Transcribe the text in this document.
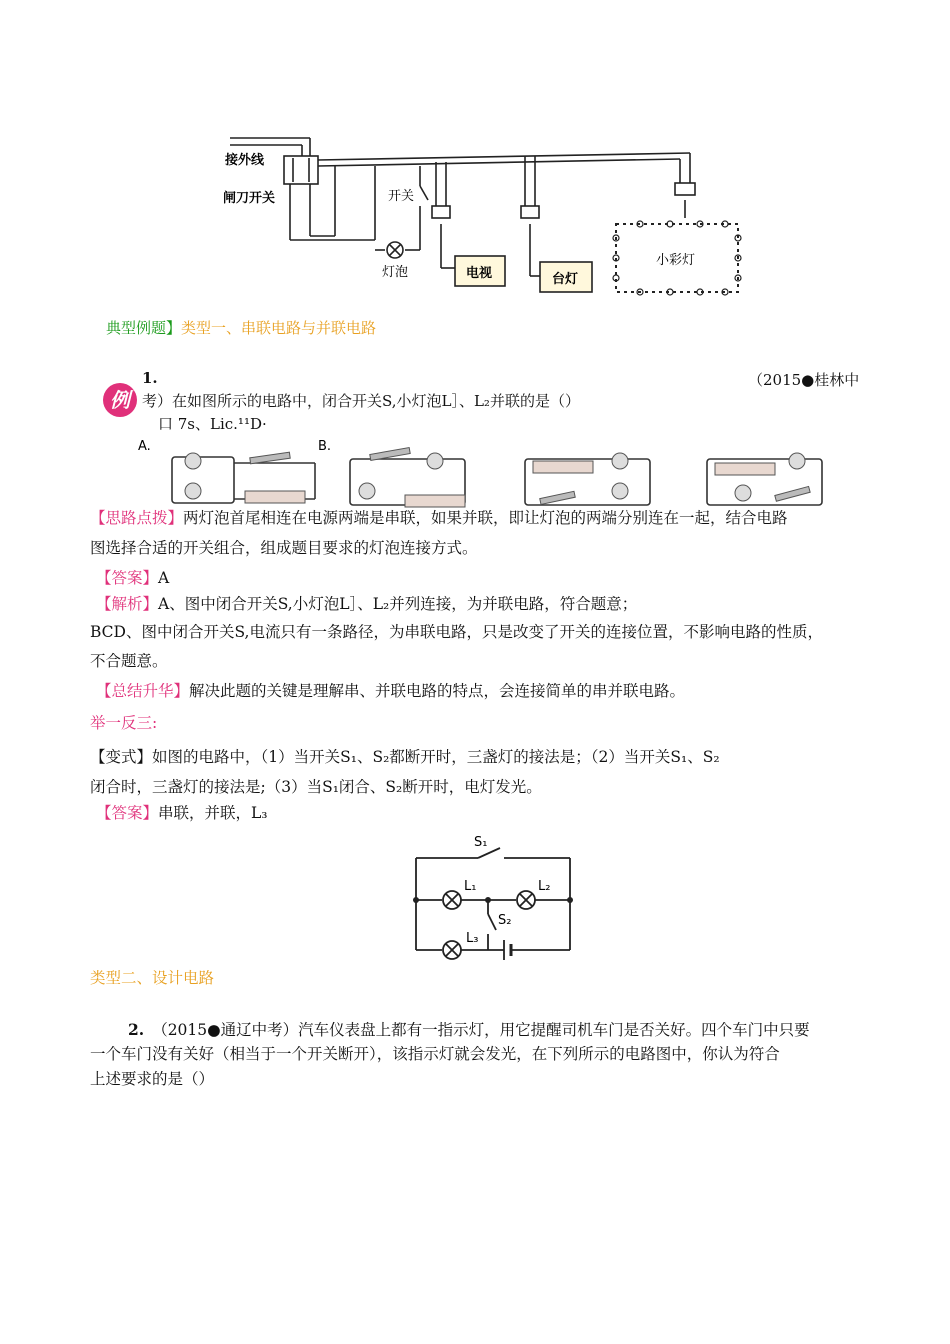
接外线
闸刀开关	开关
灯泡	电视	台灯
小彩灯
典型例题】类型一、串联电路与并联电路
例
1.	（2015●桂林中
考）在如图所示的电路中，闭合开关S,小灯泡L］、L₂并联的是（）
口 7s、Lic.¹¹D·
A.	B.
【思路点拨】两灯泡首尾相连在电源两端是串联，如果并联，即让灯泡的两端分别连在一起，结合电路
图选择合适的开关组合，组成题目要求的灯泡连接方式。
【答案】A
【解析】A、图中闭合开关S,小灯泡L］、L₂并列连接，为并联电路，符合题意；
BCD、图中闭合开关S,电流只有一条路径，为串联电路，只是改变了开关的连接位置，不影响电路的性质，
不合题意。
【总结升华】解决此题的关键是理解串、并联电路的特点，会连接简单的串并联电路。
举一反三:
【变式】如图的电路中，（1）当开关S₁、S₂都断开时，三盏灯的接法是；（2）当开关S₁、S₂
闭合时，三盏灯的接法是;（3）当S₁闭合、S₂断开时，电灯发光。
【答案】串联，并联，L₃
S₁
L₁	L₂
S₂
L₃
类型二、设计电路
2. （2015●通辽中考）汽车仪表盘上都有一指示灯，用它提醒司机车门是否关好。四个车门中只要
一个车门没有关好（相当于一个开关断开），该指示灯就会发光，在下列所示的电路图中，你认为符合
上述要求的是（）
